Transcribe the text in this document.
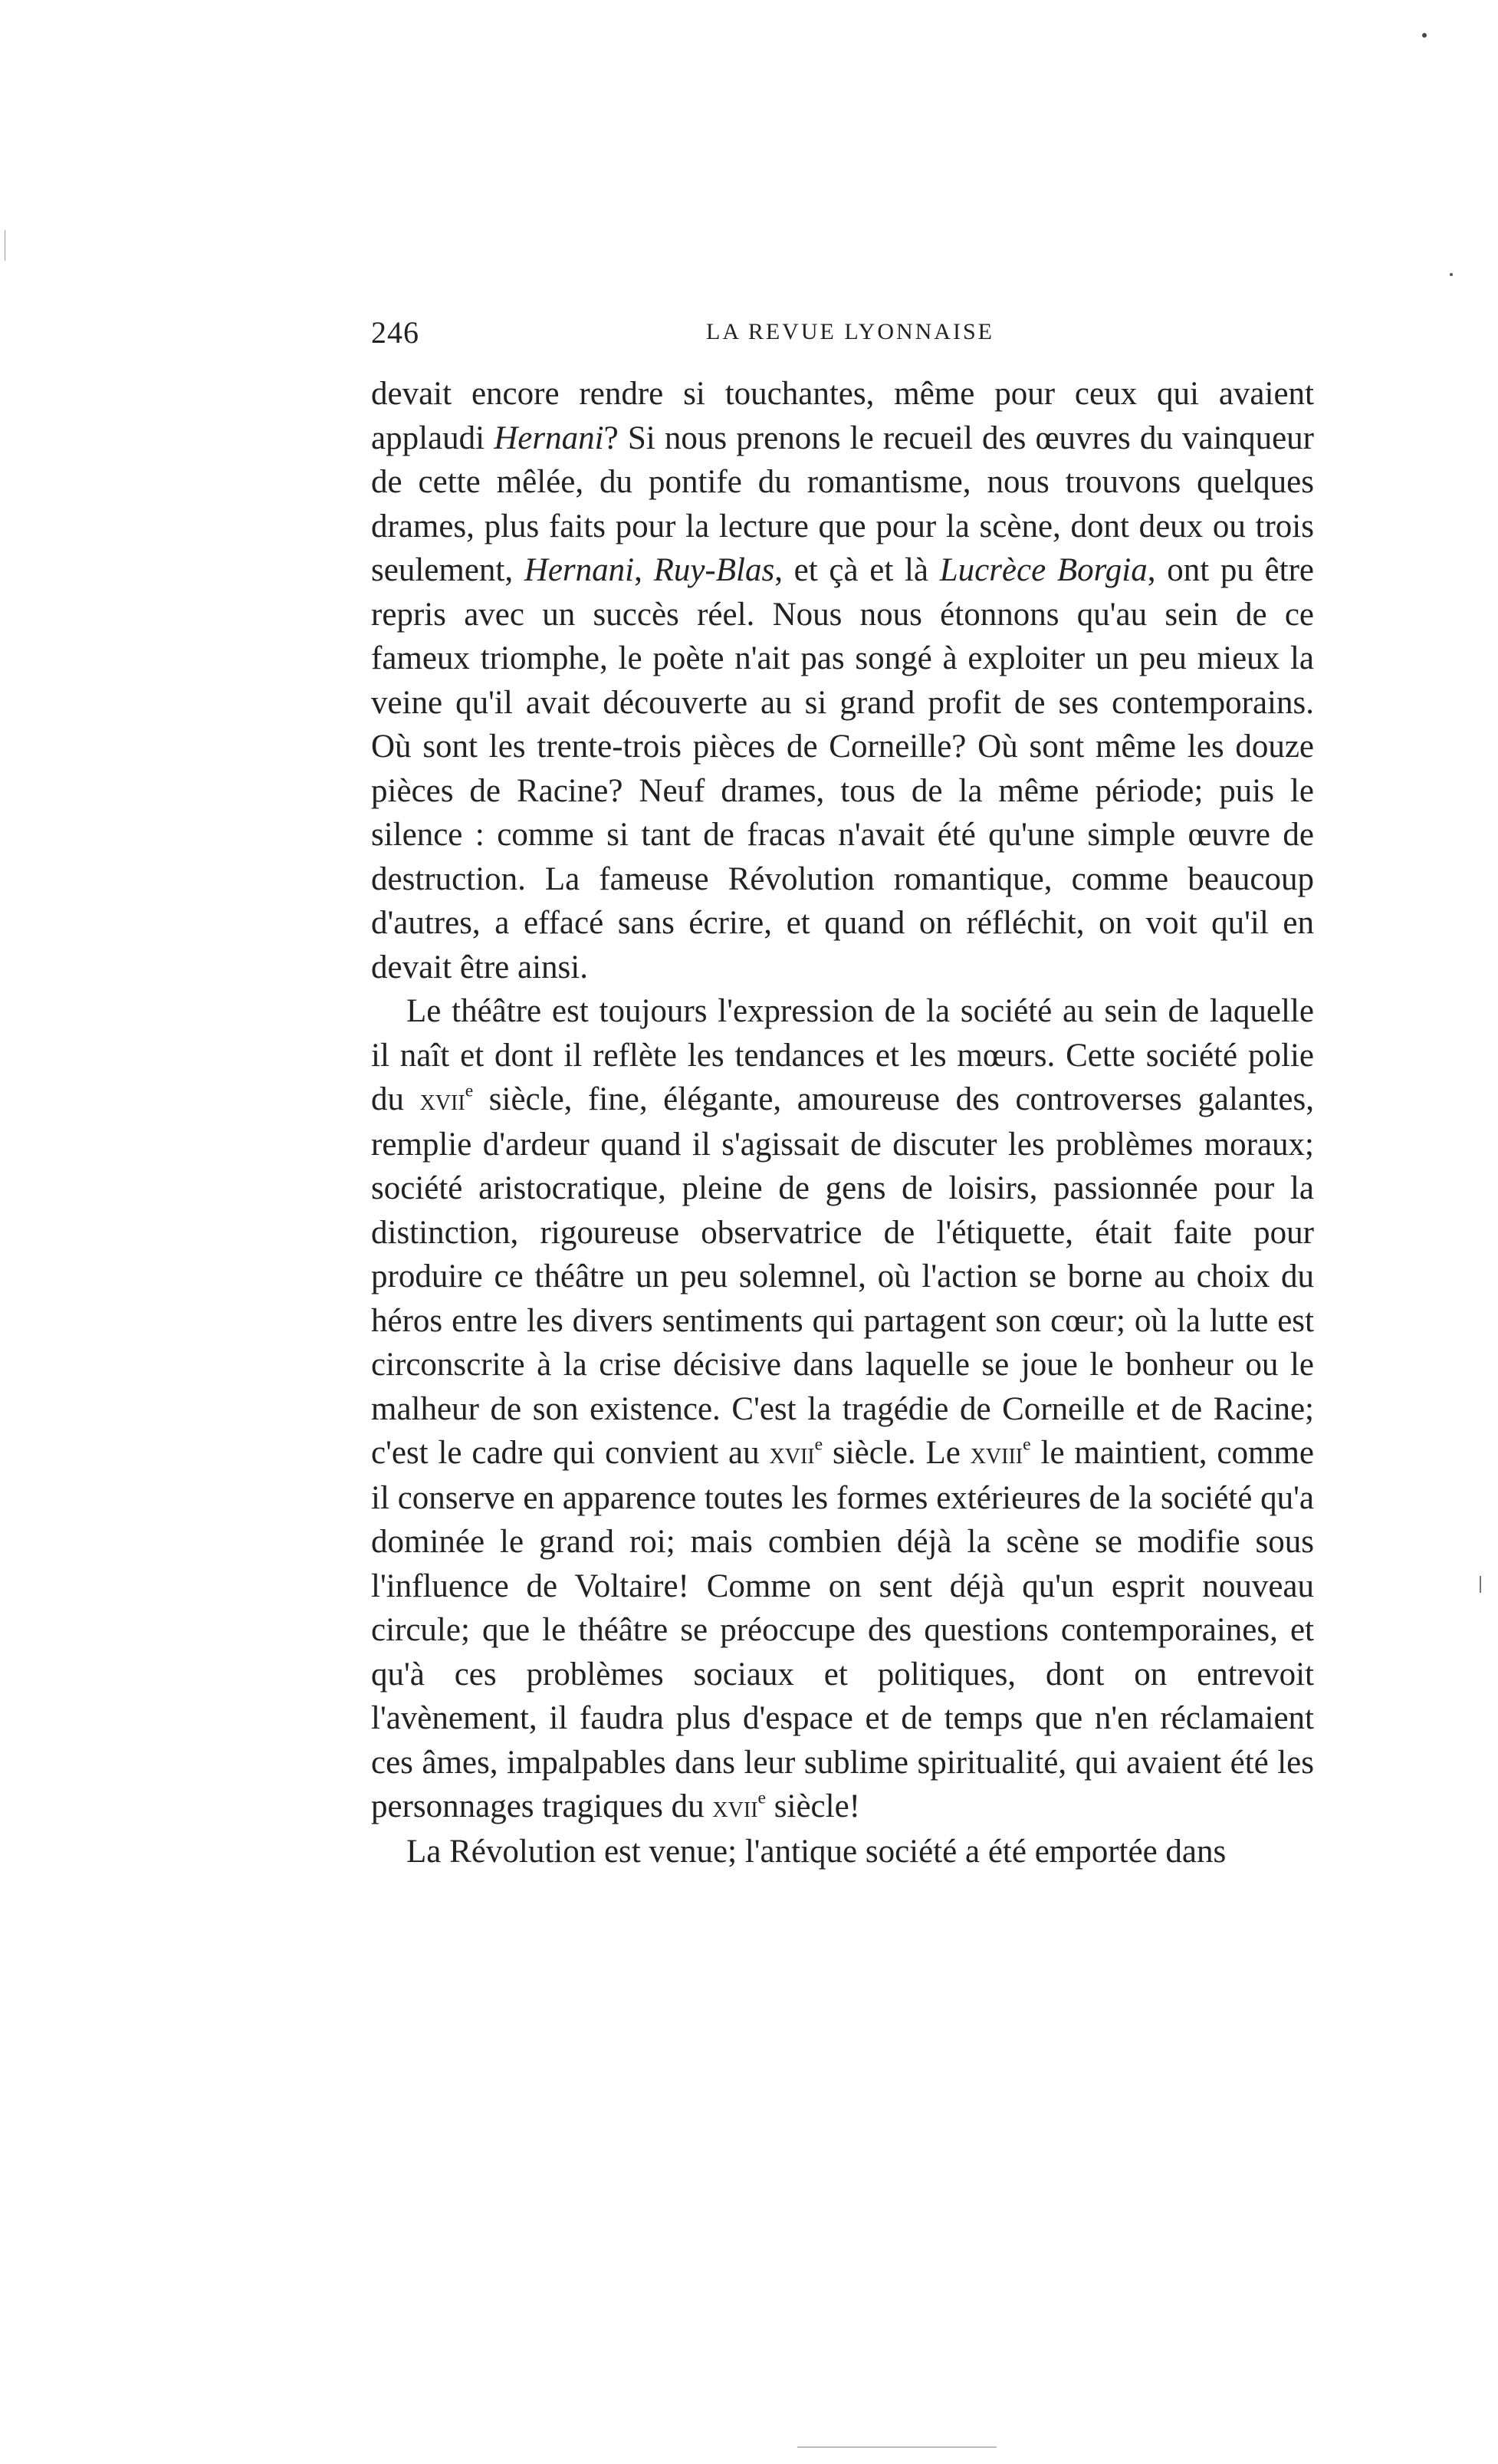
246	LA REVUE LYONNAISE

devait encore rendre si touchantes, même pour ceux qui avaient applaudi Hernani? Si nous prenons le recueil des œuvres du vainqueur de cette mêlée, du pontife du romantisme, nous trouvons quelques drames, plus faits pour la lecture que pour la scène, dont deux ou trois seulement, Hernani, Ruy-Blas, et çà et là Lucrèce Borgia, ont pu être repris avec un succès réel. Nous nous étonnons qu'au sein de ce fameux triomphe, le poète n'ait pas songé à exploiter un peu mieux la veine qu'il avait découverte au si grand profit de ses contemporains. Où sont les trente-trois pièces de Corneille? Où sont même les douze pièces de Racine? Neuf drames, tous de la même période; puis le silence : comme si tant de fracas n'avait été qu'une simple œuvre de destruction. La fameuse Révolution romantique, comme beaucoup d'autres, a effacé sans écrire, et quand on réfléchit, on voit qu'il en devait être ainsi.

Le théâtre est toujours l'expression de la société au sein de laquelle il naît et dont il reflète les tendances et les mœurs. Cette société polie du xvii$^e$ siècle, fine, élégante, amoureuse des controverses galantes, remplie d'ardeur quand il s'agissait de discuter les problèmes moraux; société aristocratique, pleine de gens de loisirs, passionnée pour la distinction, rigoureuse observatrice de l'étiquette, était faite pour produire ce théâtre un peu solemnel, où l'action se borne au choix du héros entre les divers sentiments qui partagent son cœur; où la lutte est circonscrite à la crise décisive dans laquelle se joue le bonheur ou le malheur de son existence. C'est la tragédie de Corneille et de Racine; c'est le cadre qui convient au xvii$^e$ siècle. Le xviii$^e$ le maintient, comme il conserve en apparence toutes les formes extérieures de la société qu'a dominée le grand roi; mais combien déjà la scène se modifie sous l'influence de Voltaire! Comme on sent déjà qu'un esprit nouveau circule; que le théâtre se préoccupe des questions contemporaines, et qu'à ces problèmes sociaux et politiques, dont on entrevoit l'avènement, il faudra plus d'espace et de temps que n'en réclamaient ces âmes, impalpables dans leur sublime spiritualité, qui avaient été les personnages tragiques du xvii$^e$ siècle!

La Révolution est venue; l'antique société a été emportée dans
